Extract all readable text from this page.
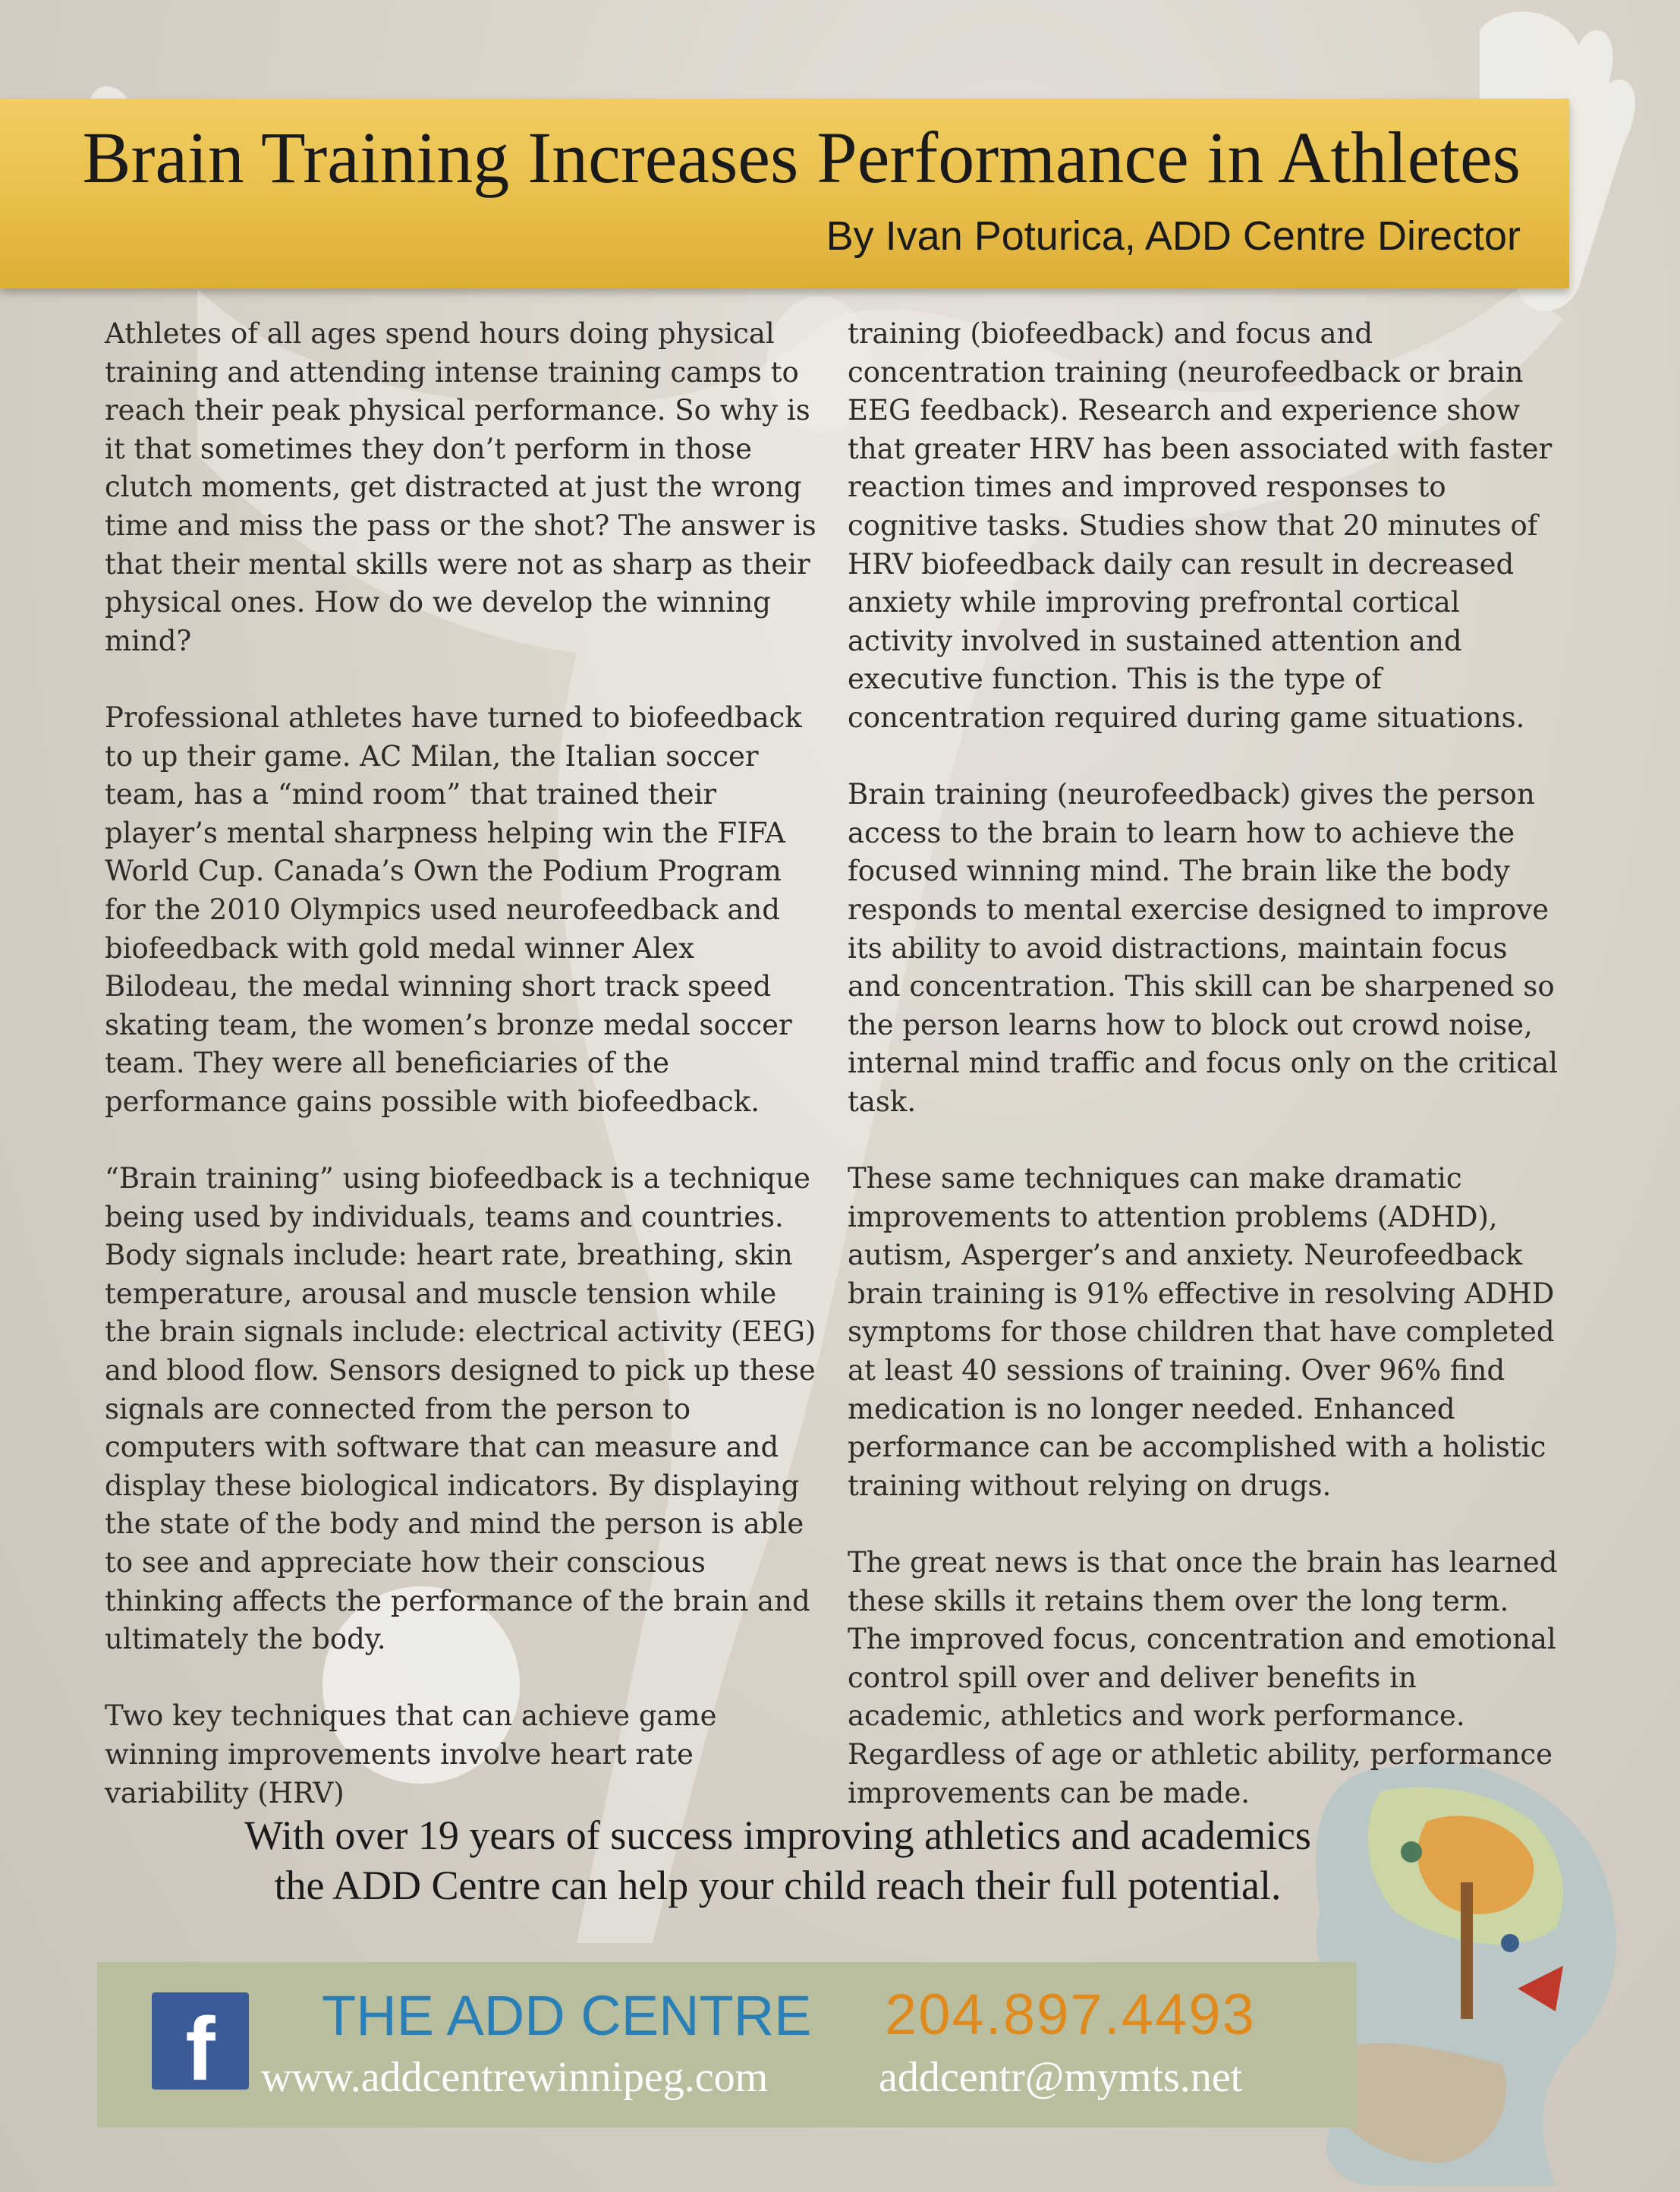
Brain Training Increases Performance in Athletes
By Ivan Poturica, ADD Centre Director

Athletes of all ages spend hours doing physical training and attending intense training camps to reach their peak physical performance. So why is it that sometimes they don’t perform in those clutch moments, get distracted at just the wrong time and miss the pass or the shot? The answer is that their mental skills were not as sharp as their physical ones. How do we develop the winning mind?

Professional athletes have turned to biofeedback to up their game. AC Milan, the Italian soccer team, has a “mind room” that trained their player’s mental sharpness helping win the FIFA World Cup. Canada’s Own the Podium Program for the 2010 Olympics used neurofeedback and biofeedback with gold medal winner Alex Bilodeau, the medal winning short track speed skating team, the women’s bronze medal soccer team. They were all beneficiaries of the performance gains possible with biofeedback.

“Brain training” using biofeedback is a technique being used by individuals, teams and countries. Body signals include: heart rate, breathing, skin temperature, arousal and muscle tension while the brain signals include: electrical activity (EEG) and blood flow. Sensors designed to pick up these signals are connected from the person to computers with software that can measure and display these biological indicators. By displaying the state of the body and mind the person is able to see and appreciate how their conscious thinking affects the performance of the brain and ultimately the body.

Two key techniques that can achieve game winning improvements involve heart rate variability (HRV)

training (biofeedback) and focus and concentration training (neurofeedback or brain EEG feedback). Research and experience show that greater HRV has been associated with faster reaction times and improved responses to cognitive tasks. Studies show that 20 minutes of HRV biofeedback daily can result in decreased anxiety while improving prefrontal cortical activity involved in sustained attention and executive function. This is the type of concentration required during game situations.

Brain training (neurofeedback) gives the person access to the brain to learn how to achieve the focused winning mind. The brain like the body responds to mental exercise designed to improve its ability to avoid distractions, maintain focus and concentration. This skill can be sharpened so the person learns how to block out crowd noise, internal mind traffic and focus only on the critical task.

These same techniques can make dramatic improvements to attention problems (ADHD), autism, Asperger’s and anxiety. Neurofeedback brain training is 91% effective in resolving ADHD symptoms for those children that have completed at least 40 sessions of training. Over 96% find medication is no longer needed. Enhanced performance can be accomplished with a holistic training without relying on drugs.

The great news is that once the brain has learned these skills it retains them over the long term. The improved focus, concentration and emotional control spill over and deliver benefits in academic, athletics and work performance. Regardless of age or athletic ability, performance improvements can be made.

With over 19 years of success improving athletics and academics
the ADD Centre can help your child reach their full potential.
f	THE ADD CENTRE 204.897.4493
www.addcentrewinnipeg.com	addcentr@mymts.net
